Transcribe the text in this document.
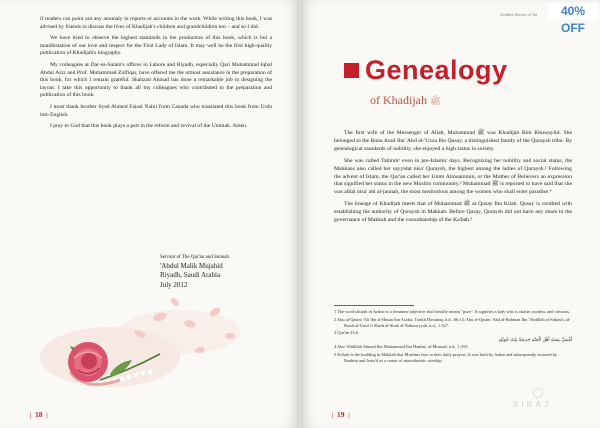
if readers can point out any anomaly in reports or accounts in the work. While writing this book, I was advised by friends to discuss the lives of Khadijah's children and grandchildren too – and so I did.

We have tried to observe the highest standards in the production of this book, which is but a manifestation of our love and respect for the First Lady of Islam. It may well be the first high-quality publication of Khadijah's biography.

My colleagues at Dar-us-Salam's offices in Lahore and Riyadh, especially Qari Muhammad Iqbal Abdul Aziz and Prof. Muhammad Zulfiqar, have offered me the utmost assistance in the preparation of this book, for which I remain grateful. Shahzad Ahmad has done a remarkable job in designing the layout. I take this opportunity to thank all my colleagues who contributed to the preparation and publication of this book.

I must thank brother Syed Ahmed Faisal Nahri from Canada who translated this book from Urdu into English.

I pray to God that this book plays a part in the reform and revival of the Ummah. Amen.

Servant of The Qur'an and Sunnah
'Abdul Malik Mujahid
Riyadh, Saudi Arabia
July 2012
❘ 18 ❘
Golden Stories of Sa	40% OFF
Genealogy
of Khadijah ﷺ

The first wife of the Messenger of Allah, Muhammad ﷺ was Khadijah Bint Khuwaylid. She belonged to the Banu Asad Ibn 'Abd al-'Uzza Ibn Qusay, a distinguished family of the Quraysh tribe. By genealogical standards of nobility, she enjoyed a high status in society.

She was called Tahirah¹ even in pre-Islamic days. Recognizing her nobility and social status, the Makkans also called her sayyidat nisa' Quraysh, the highest among the ladies of Quraysh.² Following the advent of Islam, the Qur'an called her Umm Almuaminin, or the Mother of Believers an expression that signified her status in the new Muslim community.³ Muhammad ﷺ is reported to have said that she was afdal nisa' ahl al-jannah, the most meritorious among the women who shall enter paradise.⁴

The lineage of Khadijah meets that of Muhammad ﷺ at Qusay Ibn Kilab. Qusay is credited with establishing the authority of Quraysh in Makkah. Before Qusay, Quraysh did not have any share in the governance of Makkah and the custodianship of the Ka'bah.⁵

1 The word tahirah in Arabic is a feminine adjective that literally means "pure". It signifies a lady who is chaste, modest, and virtuous.
2 Abu al-Qasim 'Ali Ibn al-Hasan Ibn Asakir, Tarikh Dimashq, n.d., 66:14; Abu al-Qasim 'Abd al-Rahman Ibn 'Abdillah al-Suhayli, al-Rawd al-Unuf fi Sharh al-Sirah al-Nabawiyyah, n.d., 1:327.
3 Qur'an 33:6.
أَفْضَلُ نِسَاءِ أَهْلِ الْجَنَّةِ خَدِيجَةُ بِنْتُ خُوَيْلِدٍ
4 Abu 'Abdillah Ahmad Ibn Muhammad Ibn Hanbal, al-Musnad, n.d., 1:293.
5 Ka'bah is the building in Makkah that Muslims face in their daily prayers. It was built by Adam and subsequently restored by Ibrahim and Isma'il as a center of monotheistic worship.
SIRAJ
❘ 19 ❘
